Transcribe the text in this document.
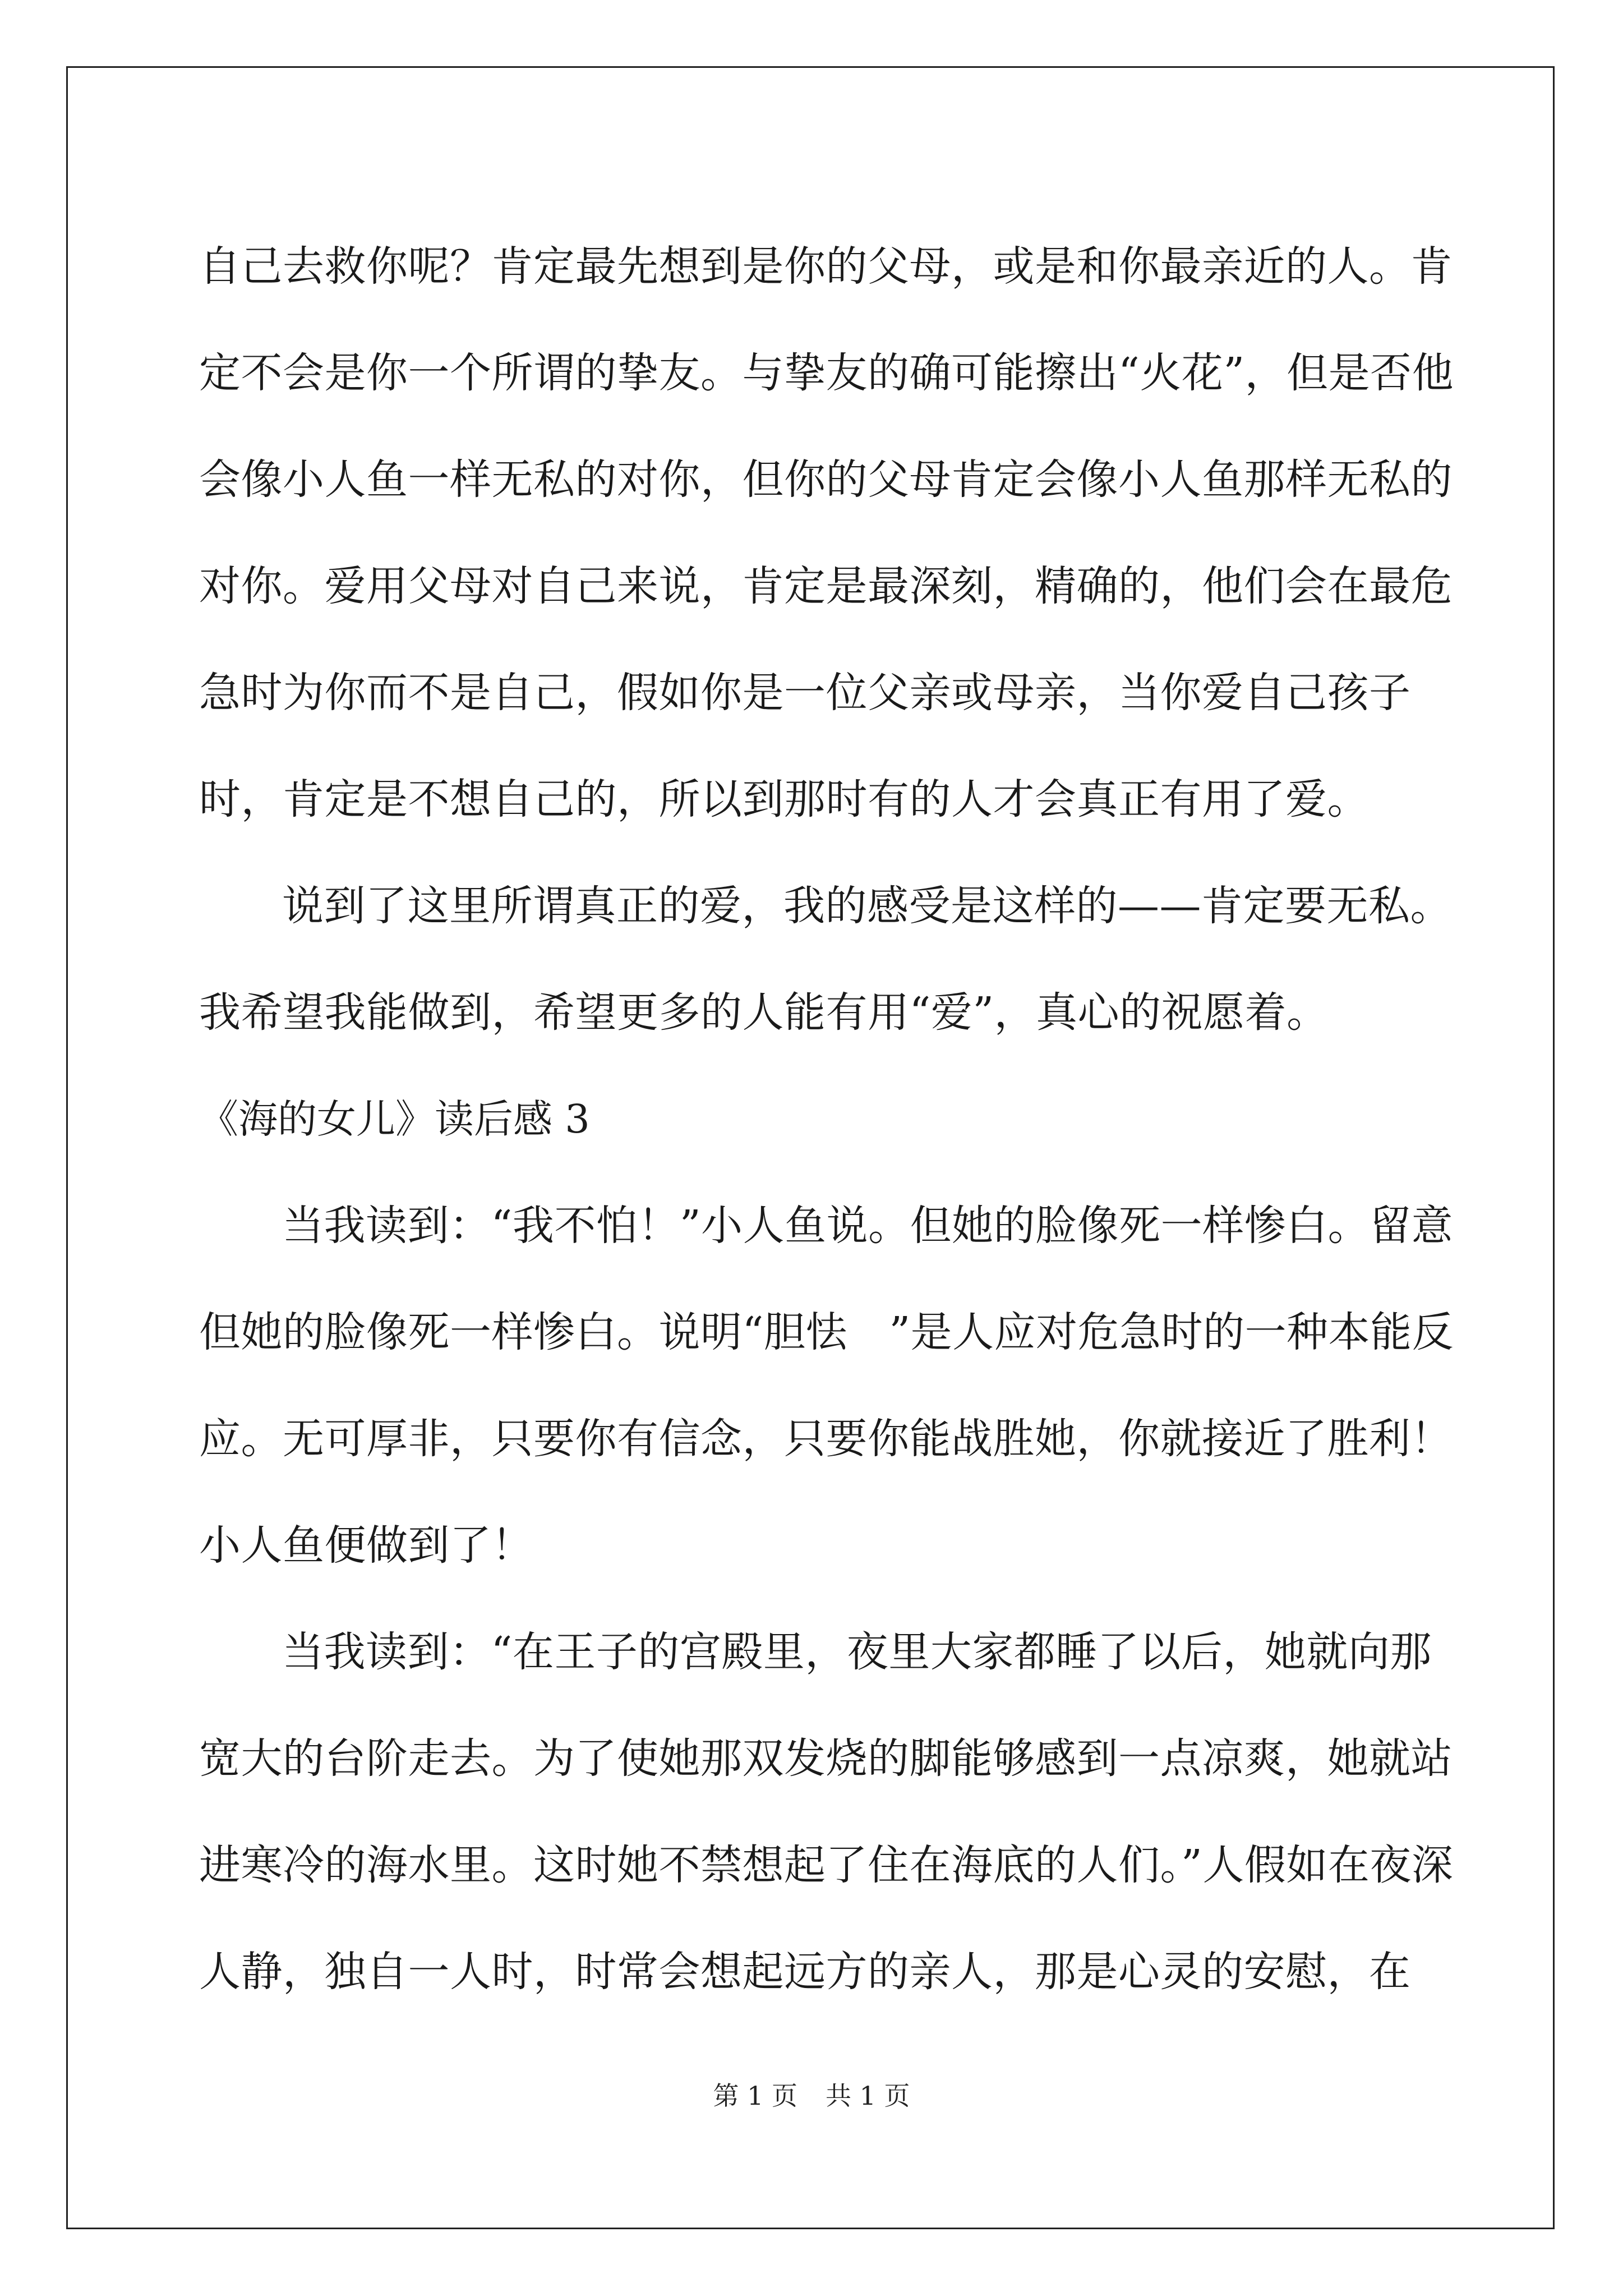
自己去救你呢？肯定最先想到是你的父母，或是和你最亲近的人。肯定不会是你一个所谓的挚友。与挚友的确可能擦出“火花”，但是否他会像小人鱼一样无私的对你，但你的父母肯定会像小人鱼那样无私的对你。爱用父母对自己来说，肯定是最深刻，精确的，他们会在最危急时为你而不是自己，假如你是一位父亲或母亲，当你爱自己孩子时，肯定是不想自己的，所以到那时有的人才会真正有用了爱。

说到了这里所谓真正的爱，我的感受是这样的——肯定要无私。我希望我能做到，希望更多的人能有用“爱”，真心的祝愿着。

《海的女儿》读后感 3

当我读到：“我不怕！”小人鱼说。但她的脸像死一样惨白。留意但她的脸像死一样惨白。说明“胆怯　”是人应对危急时的一种本能反应。无可厚非，只要你有信念，只要你能战胜她，你就接近了胜利！小人鱼便做到了！

当我读到：“在王子的宫殿里，夜里大家都睡了以后，她就向那宽大的台阶走去。为了使她那双发烧的脚能够感到一点凉爽，她就站进寒冷的海水里。这时她不禁想起了住在海底的人们。”人假如在夜深人静，独自一人时，时常会想起远方的亲人，那是心灵的安慰，在

第 1 页 共 1 页
